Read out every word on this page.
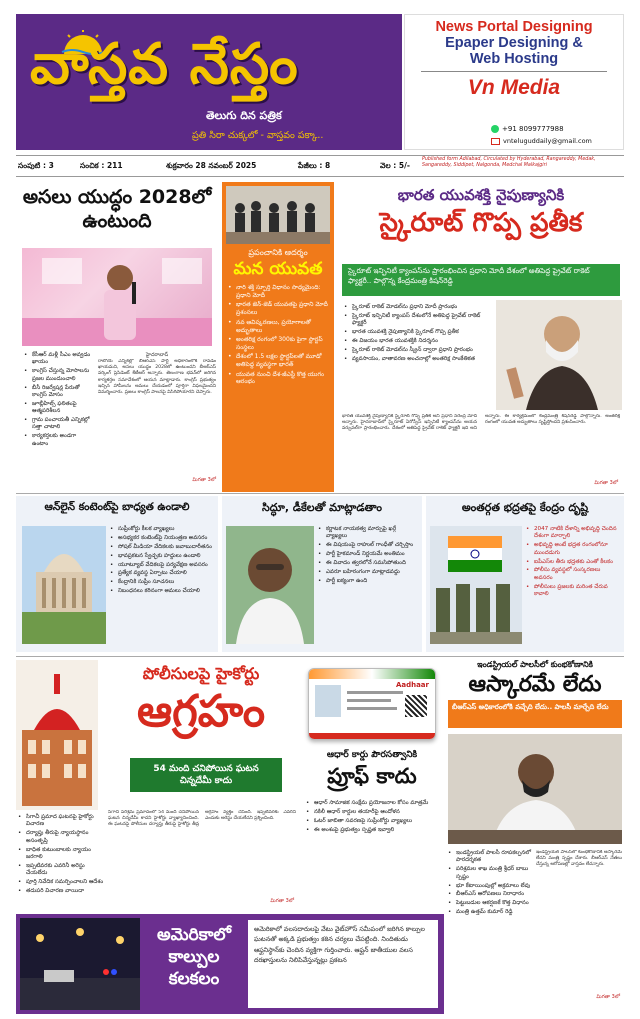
వాస్తవ నేస్తం
తెలుగు దిన పత్రిక
ప్రతి సిరా చుక్కలో - వాస్తవం పక్కా..
News Portal Designing
Epaper Designing &
Web Hosting
Vn Media
+91 8099777988
vnteluguddaily@gmail.com
సంపుటి : 3	సంచిక : 211	శుక్రవారం 28 నవంబర్ 2025	పేజీలు : 8	వెల : 5/-
Published form Adilabad, Circulated by Hyderabad, Rangareddy, Medak, Sangareddy, Siddipet, Nalgonda, Medchal Malkajgiri
అసలు యుద్ధం 2028లో ఉంటుంది
• కేసీఆర్ మళ్లీ సీఎం అవ్వడం ఖాయం
• కాంగ్రెస్ చేస్తున్న మోసాలను ప్రజల ముందుంచాలి
• బీసీ రిజర్వేషన్ల పేరుతో కాంగ్రెస్ మోసం
• జూబ్లీహిల్స్ ఫలితంపై ఆత్మపరిశీలన
• గ్రామ పంచాయతీ ఎన్నికల్లో సత్తా చాటాలి
• కార్యకర్తలకు అండగా ఉంటాం
హైదరాబాద్
రాబోయే ఎన్నికల్లో బీఆర్ఎస్ పార్టీ అధికారంలోకి రావడం ఖాయమని, అసలు యుద్ధం 2028లో ఉంటుందని బీఆర్ఎస్ వర్కింగ్ ప్రెసిడెంట్ కేటీఆర్ అన్నారు. తెలంగాణ భవన్‌లో జరిగిన కార్యకర్తల సమావేశంలో ఆయన మాట్లాడారు. కాంగ్రెస్ ప్రభుత్వం ఇచ్చిన హామీలను అమలు చేయడంలో పూర్తిగా విఫలమైందని విమర్శించారు. ప్రజలు కాంగ్రెస్ పాలనపై విసిగిపోయారని చెప్పారు.
మిగతా 3లో
ప్రపంచానికి ఆదర్శం
మన యువత
• నారి శక్తి స్ఫూర్తి విధానం సాధ్యమైంది: ప్రధాని మోదీ
• భారత జెన్-జెడ్ యువతపై ప్రధాని మోదీ ప్రశంసలు
• నవ ఆవిష్కరణలు, ప్రయోగాలతో అద్భుతాలు
• అంతరిక్ష రంగంలో 300కు పైగా స్టార్టప్ సంస్థలు
• దేశంలో 1.5 లక్షల స్టార్టప్‌లతో మూడో అతిపెద్ద వ్యవస్థగా భారత్
• యువత నుంచి దేశ-జీఎస్టీ కొత్త యుగం ఆరంభం
భారత యువశక్తి నైపుణ్యానికి
స్కైరూట్ గొప్ప ప్రతీక
స్కైరూట్ ఇన్ఫినిటీ క్యాంపస్‌ను ప్రారంభించిన ప్రధాని మోదీ దేశంలో అతిపెద్ద ప్రైవేట్ రాకెట్ ఫ్యాక్టరీ.. పాల్గొన్న కేంద్రమంత్రి కిషన్‌రెడ్డి
• స్కైరూట్ రాకెట్ మోడల్‌ను ప్రధాని మోదీ ప్రారంభం
• స్కైరూట్ ఇన్ఫినిటీ క్యాంపస్ దేశంలోనే అతిపెద్ద ప్రైవేట్ రాకెట్ ఫ్యాక్టరీ
• భారత యువశక్తి నైపుణ్యానికి స్కైరూట్ గొప్ప ప్రతీక
• ఈ విజయం భారత యువశక్తికి నిదర్శనం
• స్కైరూట్ రాకెట్ మోడల్‌ను స్క్రీన్ ద్వారా ప్రధాని ప్రారంభం
• వ్యవసాయం, వాతావరణ అంచనాల్లో అంతరిక్ష సాంకేతికత
భారత యువశక్తి నైపుణ్యానికి స్కైరూట్ గొప్ప ప్రతీక అని ప్రధాని నరేంద్ర మోదీ అన్నారు. హైదరాబాద్‌లో స్కైరూట్ ఏరోస్పేస్ ఇన్ఫినిటీ క్యాంపస్‌ను ఆయన వర్చువల్‌గా ప్రారంభించారు. దేశంలో అతిపెద్ద ప్రైవేట్ రాకెట్ ఫ్యాక్టరీ ఇది అని అన్నారు. ఈ కార్యక్రమంలో కేంద్రమంత్రి కిషన్‌రెడ్డి పాల్గొన్నారు. అంతరిక్ష రంగంలో యువత అద్భుతాలు సృష్టిస్తోందని ప్రశంసించారు.
మిగతా 3లో
ఆన్‌లైన్ కంటెంట్‌పై బాధ్యత ఉండాలి
• సుప్రీంకోర్టు కీలక వ్యాఖ్యలు
• అసభ్యకర కంటెంట్‌పై నియంత్రణ అవసరం
• సోషల్ మీడియా వేదికలకు జవాబుదారీతనం
• భావప్రకటన స్వేచ్ఛకు హద్దులు ఉండాలి
• యూట్యూబ్ వేదికలపై పర్యవేక్షణ అవసరం
• ప్రత్యేక వ్యవస్థ ఏర్పాటు చేయాలి
• కేంద్రానికి సుప్రీం సూచనలు
• నిబంధనలు కఠినంగా అమలు చేయాలి
సిద్ధూ, డీకేలతో మాట్లాడతాం
• కర్ణాటక నాయకత్వ మార్పుపై ఖర్గే వ్యాఖ్యలు
• ఈ విషయంపై రాహుల్ గాంధీతో చర్చిస్తాం
• పార్టీ హైకమాండ్ నిర్ణయమే అంతిమం
• ఈ వివాదం త్వరలోనే సమసిపోతుంది
• ఎవరూ బహిరంగంగా మాట్లాడవద్దు
• పార్టీ ఐక్యంగా ఉంది
అంతర్గత భద్రతపై కేంద్రం దృష్టి
• 2047 నాటికి దేశాన్ని అభివృద్ధి చెందిన దేశంగా మార్చాలి
• అభివృద్ధి అంటే భద్రత రంగంలోనూ ముందడుగు
• ఐపీఎస్‌ల తీరు భద్రతకు ఎంతో కీలకం
• పోలీసు వ్యవస్థలో సంస్కరణలు అవసరం
• పోలీసులు ప్రజలకు మరింత చేరువ కావాలి
పోలీసులపై హైకోర్టు
ఆగ్రహం
54 మంది చనిపోయిన ఘటన చిన్నదేమీ కాదు
• సిగాచీ ప్రమాద ఘటనపై హైకోర్టు విచారణ
• దర్యాప్తు తీరుపై న్యాయస్థానం అసంతృప్తి
• బాధిత కుటుంబాలకు న్యాయం జరగాలి
• ఇప్పటివరకు ఎవరినీ అరెస్టు చేయలేదు
• పూర్తి నివేదిక సమర్పించాలని ఆదేశం
• తదుపరి విచారణ వాయిదా
సిగాచీ పరిశ్రమ ప్రమాదంలో 54 మంది చనిపోయిన ఘటన చిన్నదేమీ కాదని హైకోర్టు వ్యాఖ్యానించింది. ఈ ఘటనపై పోలీసుల దర్యాప్తు తీరుపై హైకోర్టు తీవ్ర ఆగ్రహం వ్యక్తం చేసింది. ఇప్పటివరకు ఎవరినీ ఎందుకు అరెస్టు చేయలేదని ప్రశ్నించింది.
మిగతా 3లో
Aadhaar
ఆధార్ కార్డు పౌరసత్వానికి
ప్రూఫ్ కాదు
• ఆధార్ సామాజిక సంక్షేమ ప్రయోజనాల కోసం మాత్రమే
• నకిలీ ఆధార్ కార్డుల తయారీపై ఆందోళన
• ఓటర్ జాబితా సవరణపై సుప్రీంకోర్టు వ్యాఖ్యలు
• ఈ అంశంపై ప్రభుత్వం స్పష్టత ఇవ్వాలి
ఇండస్ట్రియల్ పాలసీలో కుంభకోణానికి
ఆస్కారమే లేదు
బీఆర్ఎస్ అధికారంలోకి వచ్చేది లేదు.. పాలసీ మార్చేది లేదు
• ఇండస్ట్రియల్ పాలసీ రూపకల్పనలో పారదర్శకత
• పరిశ్రమల శాఖ మంత్రి శ్రీధర్ బాబు స్పష్టం
• భూ కేటాయింపుల్లో అక్రమాలు లేవు
• బీఆర్ఎస్ ఆరోపణలు నిరాధారం
• పెట్టుబడుల ఆకర్షణకే కొత్త విధానం
• మంత్రి ఉత్తమ్ కుమార్ రెడ్డి
ఇండస్ట్రియల్ పాలసీలో కుంభకోణానికి ఆస్కారమే లేదని మంత్రి స్పష్టం చేశారు. బీఆర్ఎస్ నేతలు చేస్తున్న ఆరోపణల్లో వాస్తవం లేదన్నారు.
మిగతా 3లో
అమెరికాలో కాల్పుల కలకలం
అమెరికాలో వలసదారులపై వేటు వైట్‌హౌస్ సమీపంలో జరిగిన కాల్పుల ఘటనతో అక్కడి ప్రభుత్వం కఠిన చర్యలు చేపట్టింది. నిందితుడు ఆఫ్ఘనిస్థాన్‌కు చెందిన వ్యక్తిగా గుర్తించారు. ఆఫ్ఘన్ జాతీయుల వలస దరఖాస్తులను నిలిపివేస్తున్నట్లు ప్రకటన
